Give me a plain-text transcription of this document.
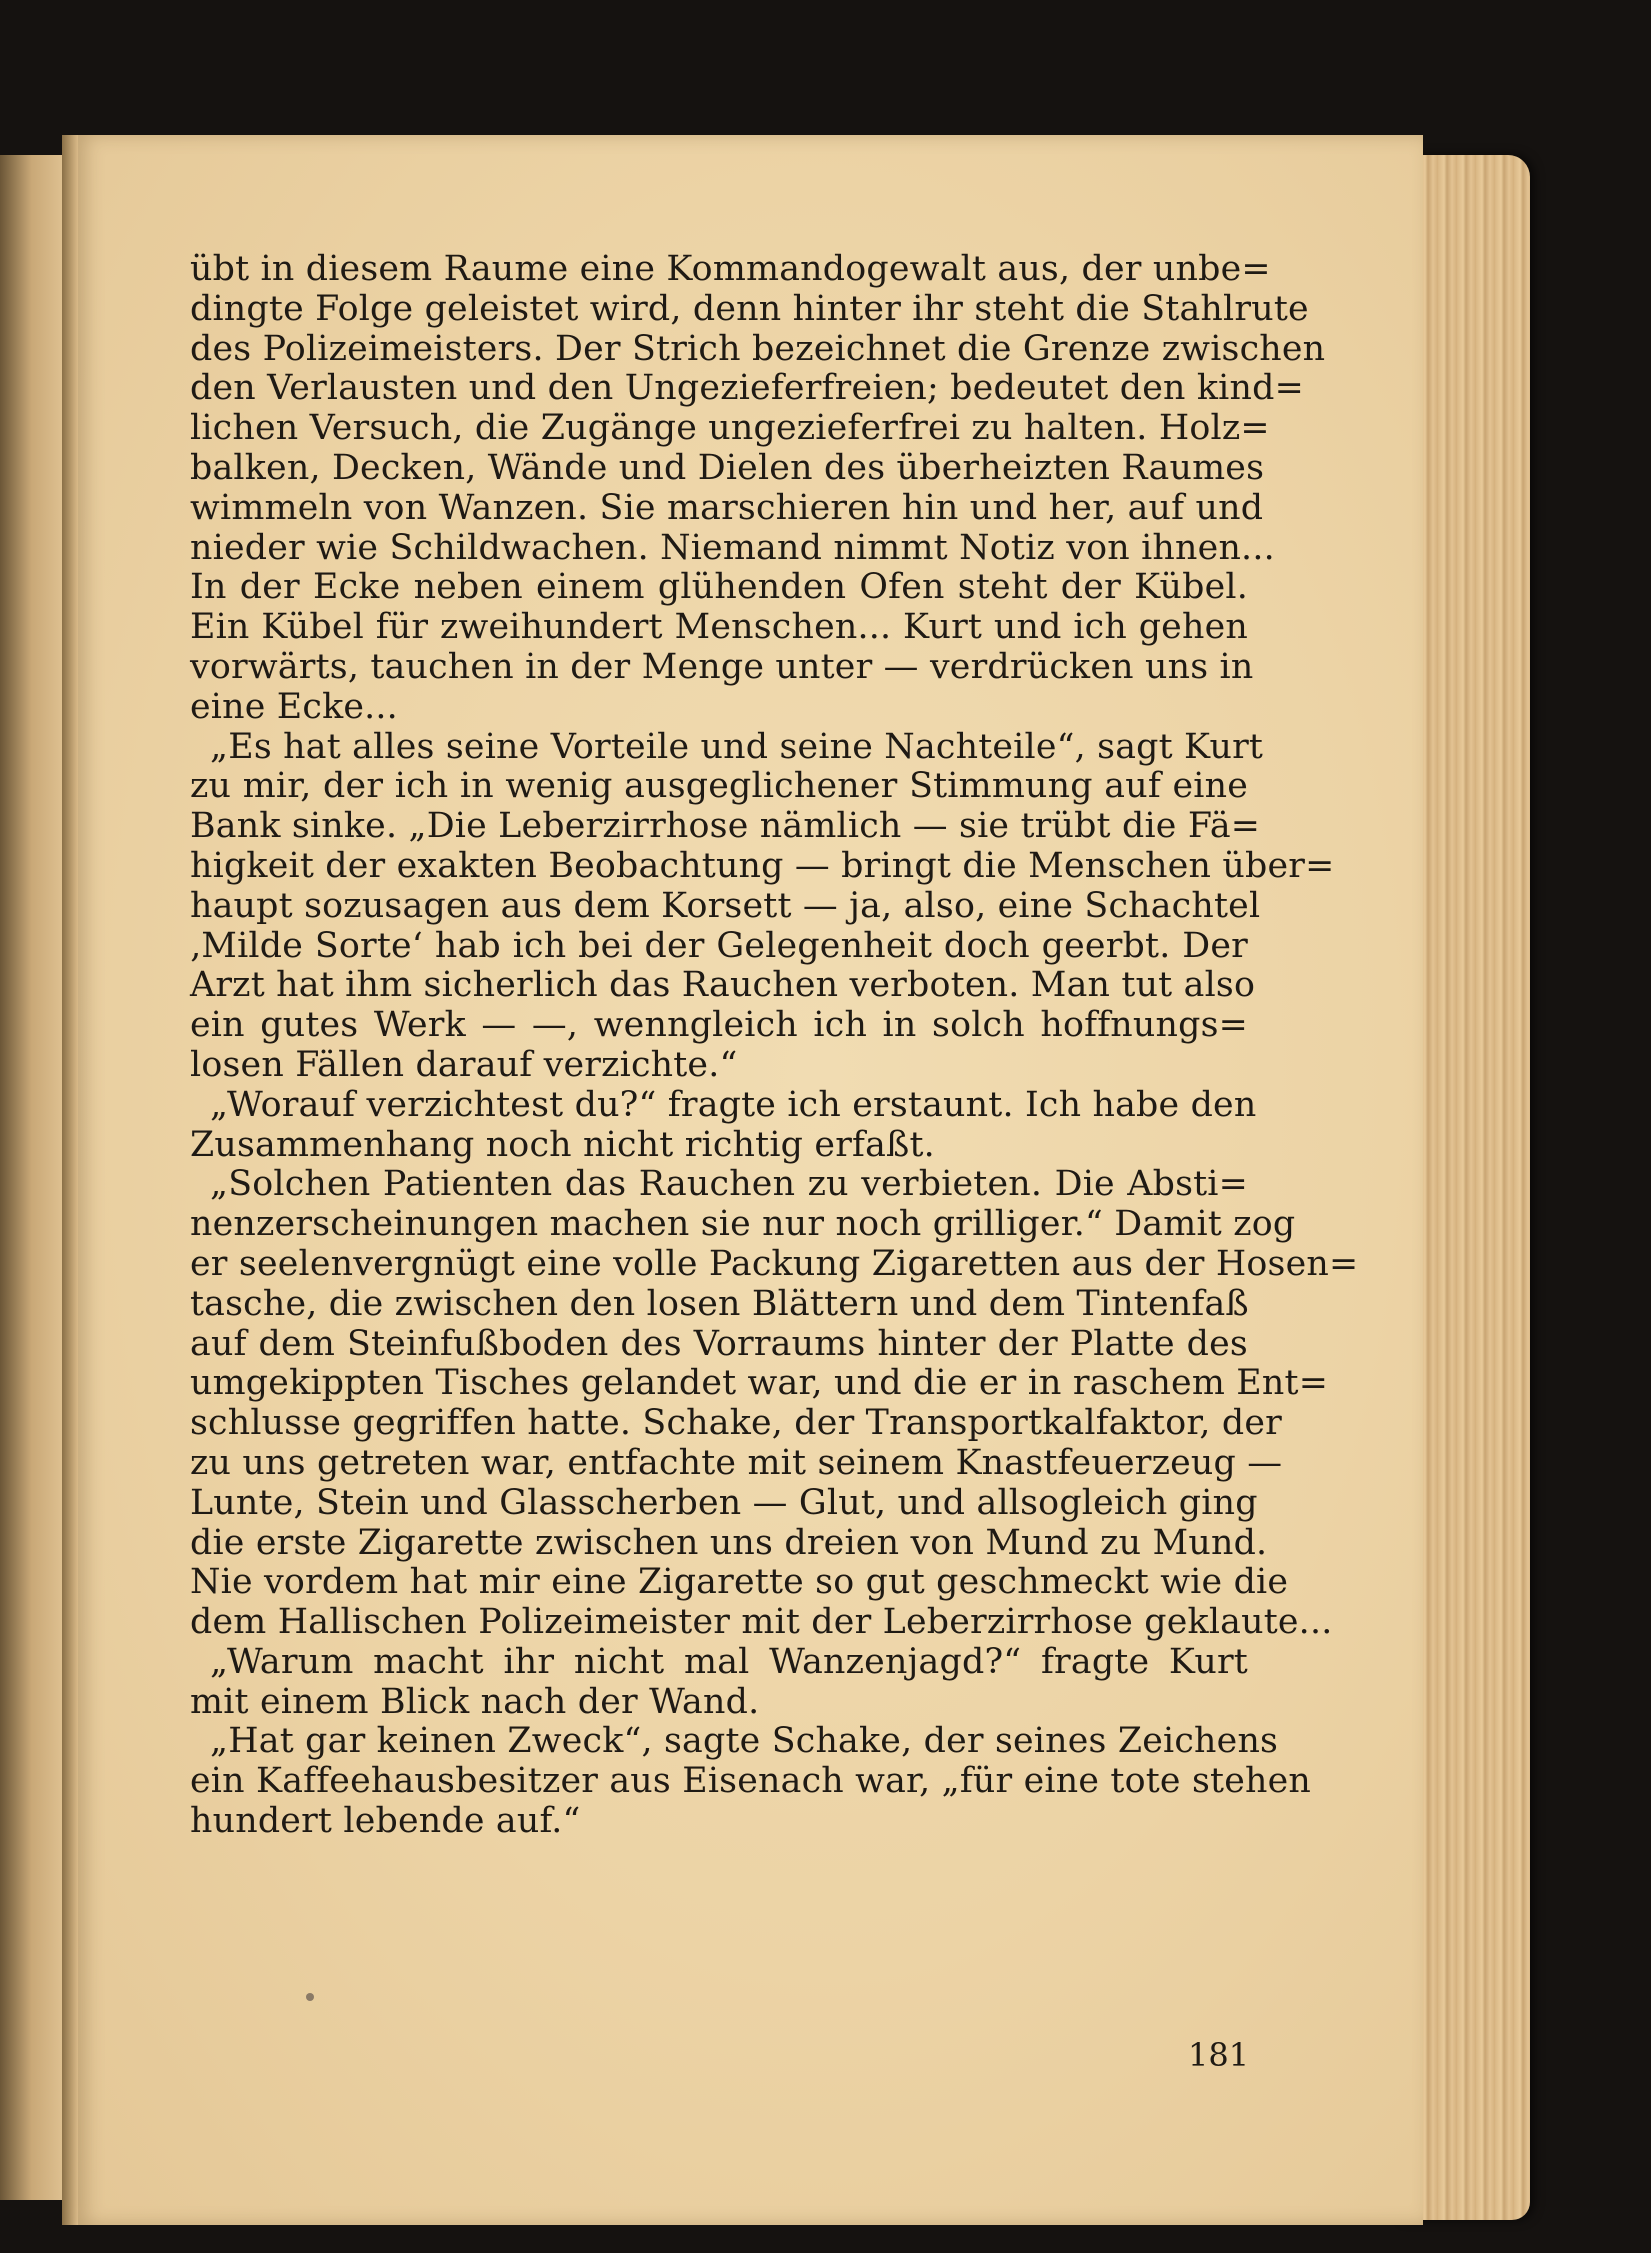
übt in diesem Raume eine Kommandogewalt aus, der unbe=
dingte Folge geleistet wird, denn hinter ihr steht die Stahlrute
des Polizeimeisters. Der Strich bezeichnet die Grenze zwischen
den Verlausten und den Ungezieferfreien; bedeutet den kind=
lichen Versuch, die Zugänge ungezieferfrei zu halten. Holz=
balken, Decken, Wände und Dielen des überheizten Raumes
wimmeln von Wanzen. Sie marschieren hin und her, auf und
nieder wie Schildwachen. Niemand nimmt Notiz von ihnen...
In der Ecke neben einem glühenden Ofen steht der Kübel.
Ein Kübel für zweihundert Menschen... Kurt und ich gehen
vorwärts, tauchen in der Menge unter — verdrücken uns in
eine Ecke...
„Es hat alles seine Vorteile und seine Nachteile“, sagt Kurt
zu mir, der ich in wenig ausgeglichener Stimmung auf eine
Bank sinke. „Die Leberzirrhose nämlich — sie trübt die Fä=
higkeit der exakten Beobachtung — bringt die Menschen über=
haupt sozusagen aus dem Korsett — ja, also, eine Schachtel
‚Milde Sorte‘ hab ich bei der Gelegenheit doch geerbt. Der
Arzt hat ihm sicherlich das Rauchen verboten. Man tut also
ein gutes Werk — —, wenngleich ich in solch hoffnungs=
losen Fällen darauf verzichte.“
„Worauf verzichtest du?“ fragte ich erstaunt. Ich habe den
Zusammenhang noch nicht richtig erfaßt.
„Solchen Patienten das Rauchen zu verbieten. Die Absti=
nenzerscheinungen machen sie nur noch grilliger.“ Damit zog
er seelenvergnügt eine volle Packung Zigaretten aus der Hosen=
tasche, die zwischen den losen Blättern und dem Tintenfaß
auf dem Steinfußboden des Vorraums hinter der Platte des
umgekippten Tisches gelandet war, und die er in raschem Ent=
schlusse gegriffen hatte. Schake, der Transportkalfaktor, der
zu uns getreten war, entfachte mit seinem Knastfeuerzeug —
Lunte, Stein und Glasscherben — Glut, und allsogleich ging
die erste Zigarette zwischen uns dreien von Mund zu Mund.
Nie vordem hat mir eine Zigarette so gut geschmeckt wie die
dem Hallischen Polizeimeister mit der Leberzirrhose geklaute...
„Warum macht ihr nicht mal Wanzenjagd?“ fragte Kurt
mit einem Blick nach der Wand.
„Hat gar keinen Zweck“, sagte Schake, der seines Zeichens
ein Kaffeehausbesitzer aus Eisenach war, „für eine tote stehen
hundert lebende auf.“
181
